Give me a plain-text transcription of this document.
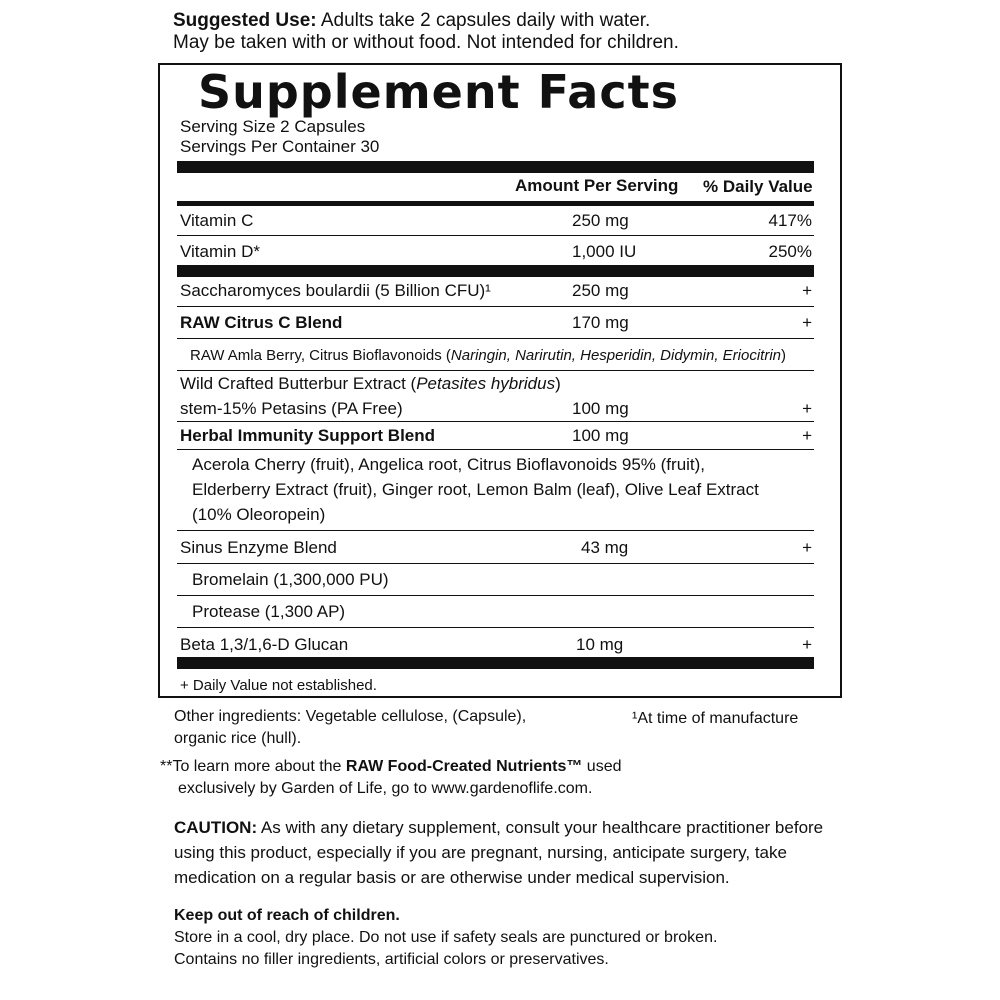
Suggested Use: Adults take 2 capsules daily with water.
May be taken with or without food. Not intended for children.
Supplement Facts
Serving Size 2 Capsules
Servings Per Container 30
Amount Per Serving % Daily Value
Vitamin C	250 mg	417%
Vitamin D*	1,000 IU	250%
Saccharomyces boulardii (5 Billion CFU)¹	250 mg	+
RAW Citrus C Blend	170 mg	+
RAW Amla Berry, Citrus Bioflavonoids (Naringin, Narirutin, Hesperidin, Didymin, Eriocitrin)
Wild Crafted Butterbur Extract (Petasites hybridus)
stem-15% Petasins (PA Free)	100 mg	+
Herbal Immunity Support Blend	100 mg	+
Acerola Cherry (fruit), Angelica root, Citrus Bioflavonoids 95% (fruit),
Elderberry Extract (fruit), Ginger root, Lemon Balm (leaf), Olive Leaf Extract
(10% Oleoropein)
Sinus Enzyme Blend	43 mg	+
Bromelain (1,300,000 PU)
Protease (1,300 AP)
Beta 1,3/1,6-D Glucan	10 mg	+
+ Daily Value not established.
Other ingredients: Vegetable cellulose, (Capsule),
organic rice (hull).
¹At time of manufacture
**To learn more about the RAW Food-Created Nutrients™ used
exclusively by Garden of Life, go to www.gardenoflife.com.
CAUTION: As with any dietary supplement, consult your healthcare practitioner before
using this product, especially if you are pregnant, nursing, anticipate surgery, take
medication on a regular basis or are otherwise under medical supervision.
Keep out of reach of children.
Store in a cool, dry place. Do not use if safety seals are punctured or broken.
Contains no filler ingredients, artificial colors or preservatives.
